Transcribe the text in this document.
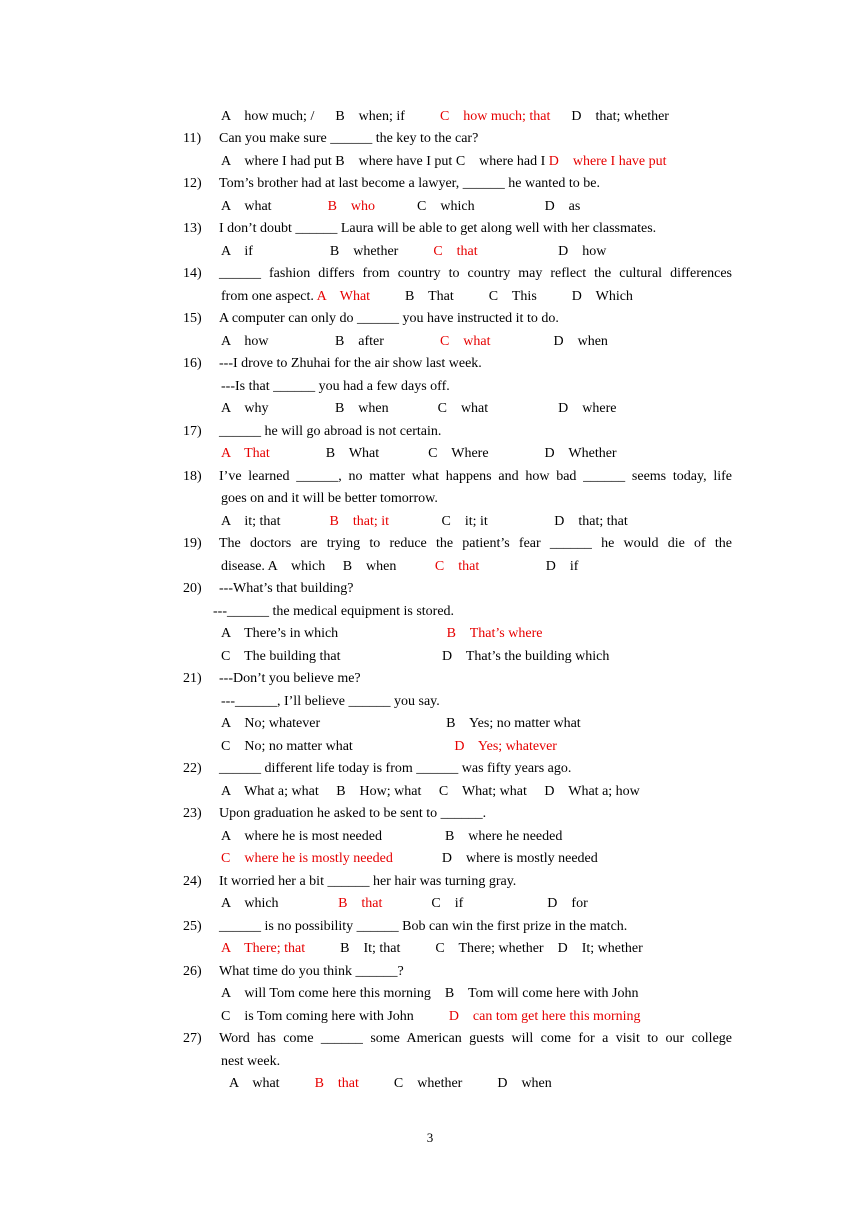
A    how much; /      B    when; if          C    how much; that      D    that; whether
11) Can you make sure ______ the key to the car?
A    where I had put B    where have I put C    where had I D    where I have put
12) Tom’s brother had at last become a lawyer, ______ he wanted to be.
A    what                B    who            C    which                    D    as
13) I don’t doubt ______ Laura will be able to get along well with her classmates.
A    if                      B    whether          C    that                       D    how
14) ______ fashion differs from country to country may reflect the cultural differences
from one aspect. A    What          B    That          C    This          D    Which
15) A computer can only do ______ you have instructed it to do.
A    how                   B    after                C    what                  D    when
16) ---I drove to Zhuhai for the air show last week.
---Is that ______ you had a few days off.
A    why                   B    when              C    what                    D    where
17) ______ he will go abroad is not certain.
A    That                B    What              C    Where                D    Whether
18) I’ve learned ______, no matter what happens and how bad ______ seems today, life
goes on and it will be better tomorrow.
A    it; that              B    that; it               C    it; it                   D    that; that
19) The doctors are trying to reduce the patient’s fear ______ he would die of the
disease. A    which     B    when           C    that                   D    if
20) ---What’s that building?
---______ the medical equipment is stored.
A    There’s in which                               B    That’s where
C    The building that                             D    That’s the building which
21) ---Don’t you believe me?
---______, I’ll believe ______ you say.
A    No; whatever                                    B    Yes; no matter what
C    No; no matter what                             D    Yes; whatever
22) ______ different life today is from ______ was fifty years ago.
A    What a; what     B    How; what     C    What; what     D    What a; how
23) Upon graduation he asked to be sent to ______.
A    where he is most needed                  B    where he needed
C    where he is mostly needed              D    where is mostly needed
24) It worried her a bit ______ her hair was turning gray.
A    which                 B    that              C    if                        D    for
25) ______ is no possibility ______ Bob can win the first prize in the match.
A    There; that          B    It; that          C    There; whether    D    It; whether
26) What time do you think ______?
A    will Tom come here this morning    B    Tom will come here with John
C    is Tom coming here with John          D    can tom get here this morning
27) Word has come ______ some American guests will come for a visit to our college
nest week.
A    what          B    that          C    whether          D    when
3
